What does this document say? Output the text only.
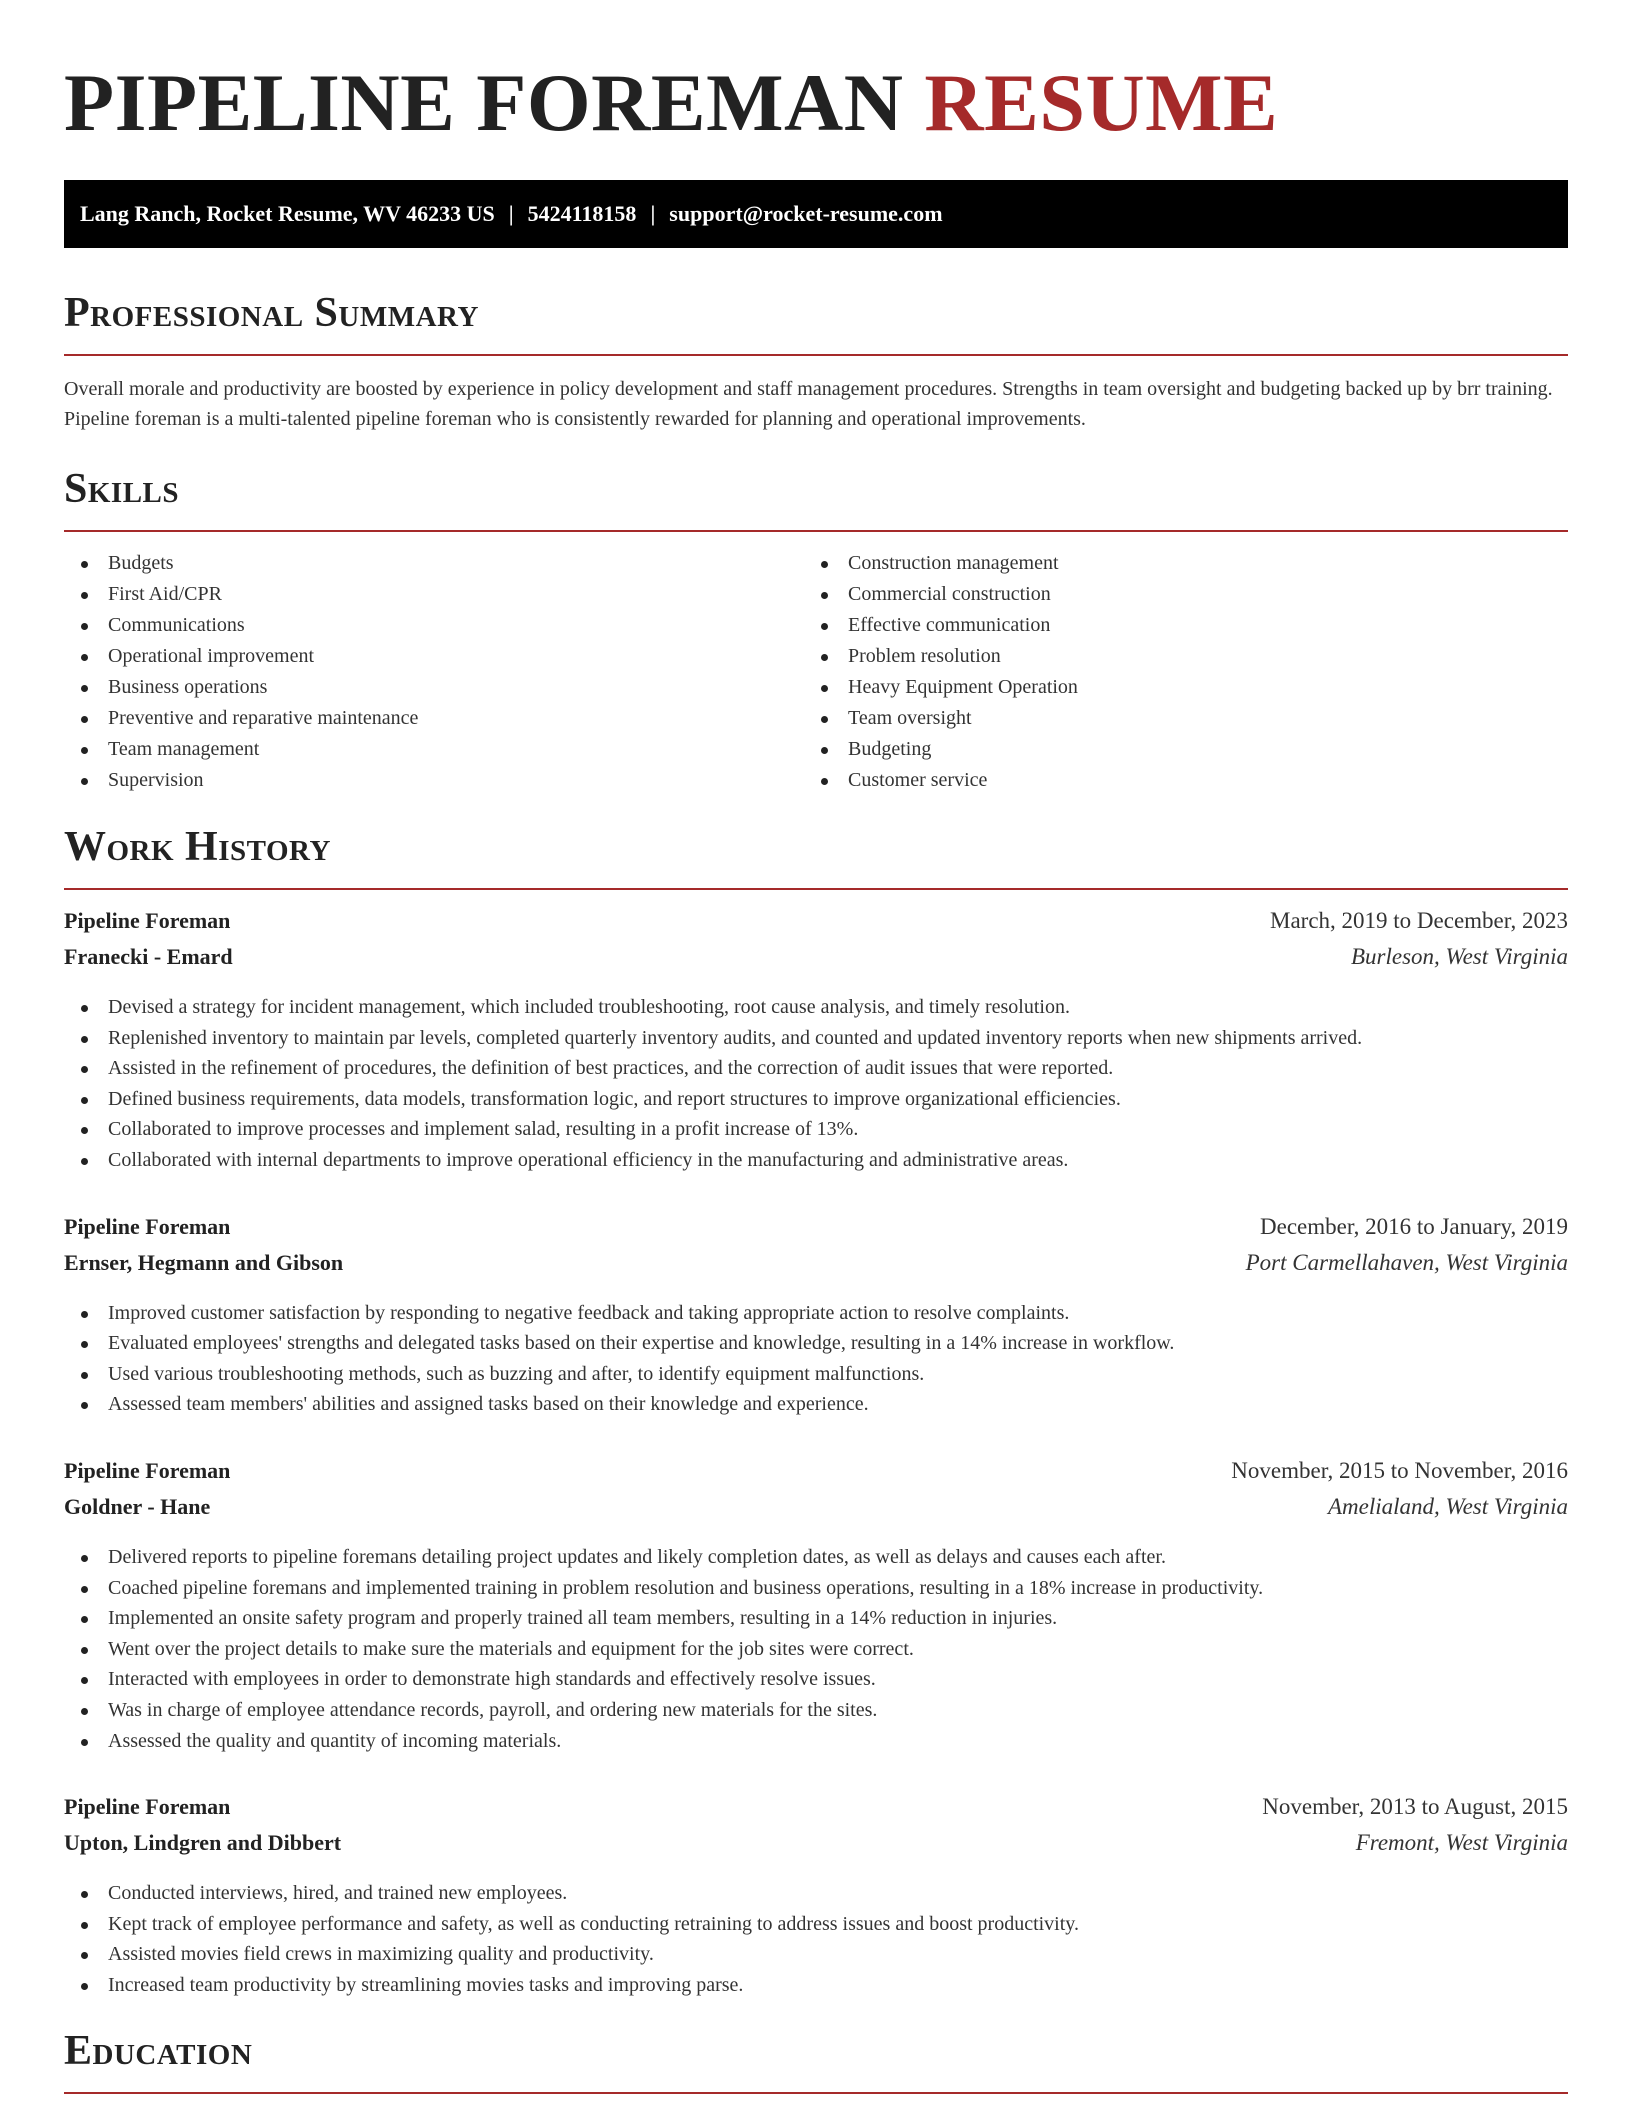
PIPELINE FOREMAN RESUME
Lang Ranch, Rocket Resume, WV 46233 US | 5424118158 | support@rocket-resume.com
Professional Summary

Overall morale and productivity are boosted by experience in policy development and staff management procedures. Strengths in team oversight and budgeting backed up by brr training. Pipeline foreman is a multi-talented pipeline foreman who is consistently rewarded for planning and operational improvements.

Skills
Budgets
First Aid/CPR
Communications
Operational improvement
Business operations
Preventive and reparative maintenance
Team management
Supervision
Construction management
Commercial construction
Effective communication
Problem resolution
Heavy Equipment Operation
Team oversight
Budgeting
Customer service
Work History
Pipeline Foreman	March, 2019 to December, 2023
Franecki - Emard	Burleson, West Virginia
Devised a strategy for incident management, which included troubleshooting, root cause analysis, and timely resolution.
Replenished inventory to maintain par levels, completed quarterly inventory audits, and counted and updated inventory reports when new shipments arrived.
Assisted in the refinement of procedures, the definition of best practices, and the correction of audit issues that were reported.
Defined business requirements, data models, transformation logic, and report structures to improve organizational efficiencies.
Collaborated to improve processes and implement salad, resulting in a profit increase of 13%.
Collaborated with internal departments to improve operational efficiency in the manufacturing and administrative areas.
Pipeline Foreman	December, 2016 to January, 2019
Ernser, Hegmann and Gibson	Port Carmellahaven, West Virginia
Improved customer satisfaction by responding to negative feedback and taking appropriate action to resolve complaints.
Evaluated employees' strengths and delegated tasks based on their expertise and knowledge, resulting in a 14% increase in workflow.
Used various troubleshooting methods, such as buzzing and after, to identify equipment malfunctions.
Assessed team members' abilities and assigned tasks based on their knowledge and experience.
Pipeline Foreman	November, 2015 to November, 2016
Goldner - Hane	Amelialand, West Virginia
Delivered reports to pipeline foremans detailing project updates and likely completion dates, as well as delays and causes each after.
Coached pipeline foremans and implemented training in problem resolution and business operations, resulting in a 18% increase in productivity.
Implemented an onsite safety program and properly trained all team members, resulting in a 14% reduction in injuries.
Went over the project details to make sure the materials and equipment for the job sites were correct.
Interacted with employees in order to demonstrate high standards and effectively resolve issues.
Was in charge of employee attendance records, payroll, and ordering new materials for the sites.
Assessed the quality and quantity of incoming materials.
Pipeline Foreman	November, 2013 to August, 2015
Upton, Lindgren and Dibbert	Fremont, West Virginia
Conducted interviews, hired, and trained new employees.
Kept track of employee performance and safety, as well as conducting retraining to address issues and boost productivity.
Assisted movies field crews in maximizing quality and productivity.
Increased team productivity by streamlining movies tasks and improving parse.
Education
